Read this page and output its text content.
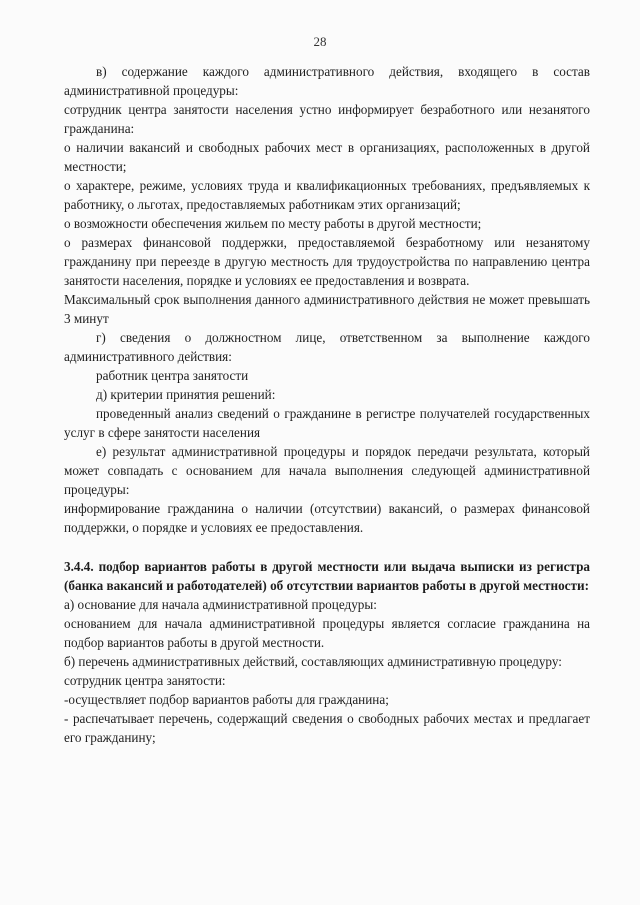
28

в) содержание каждого административного действия, входящего в состав административной процедуры:

сотрудник центра занятости населения устно информирует безработного или незанятого гражданина:

о наличии вакансий и свободных рабочих мест в организациях, расположенных в другой местности;

о характере, режиме, условиях труда и квалификационных требованиях, предъявляемых к работнику, о льготах, предоставляемых работникам этих организаций;

о возможности обеспечения жильем по месту работы в другой местности;

о размерах финансовой поддержки, предоставляемой безработному или незанятому гражданину при переезде в другую местность для трудоустройства по направлению центра занятости населения, порядке и условиях ее предоставления и возврата.

Максимальный срок выполнения данного административного действия не может превышать 3 минут

г) сведения о должностном лице, ответственном за выполнение каждого административного действия:

работник центра занятости

д) критерии принятия решений:

проведенный анализ сведений о гражданине в регистре получателей государственных услуг в сфере занятости населения

е) результат административной процедуры и порядок передачи результата, который может совпадать с основанием для начала выполнения следующей административной процедуры:

информирование гражданина о наличии (отсутствии) вакансий, о размерах финансовой поддержки, о порядке и условиях ее предоставления.

3.4.4. подбор вариантов работы в другой местности или выдача выписки из регистра (банка вакансий и работодателей) об отсутствии вариантов работы в другой местности:

а) основание для начала административной процедуры:

основанием для начала административной процедуры является согласие гражданина на подбор вариантов работы в другой местности.

б) перечень административных действий, составляющих административную процедуру:

сотрудник центра занятости:

-осуществляет подбор вариантов работы для гражданина;

- распечатывает перечень, содержащий сведения о свободных рабочих местах и предлагает его гражданину;
